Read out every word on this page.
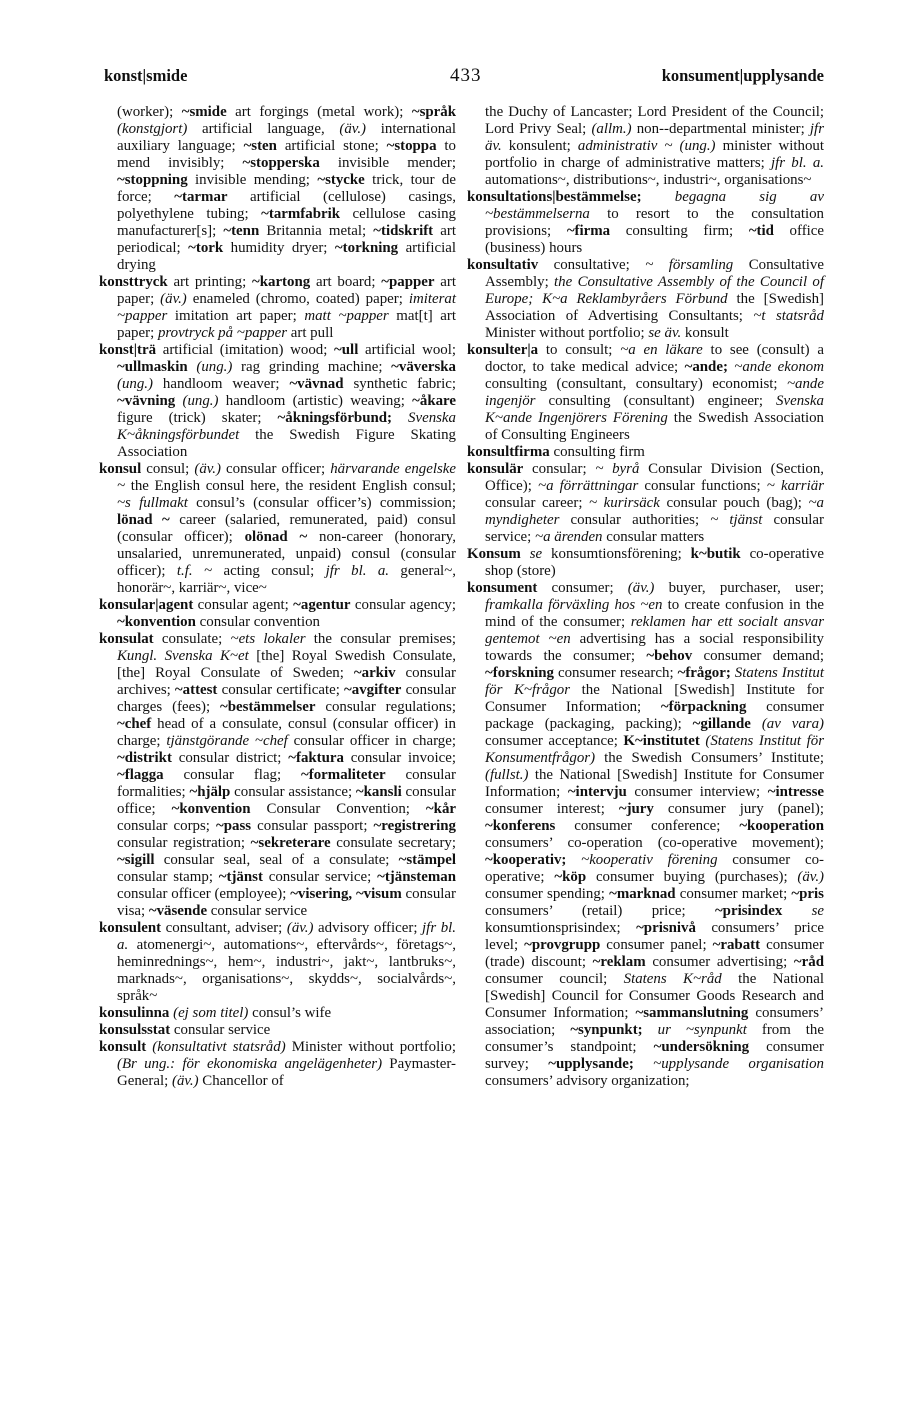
konst|smide	433	konsument|upplysande

(worker); ~smide art forgings (metal work); ~språk (konstgjort) artificial language, (äv.) international auxiliary language; ~sten artificial stone; ~stoppa to mend invisibly; ~stopperska invisible mender; ~stoppning invisible mending; ~stycke trick, tour de force; ~tarmar artificial (cellulose) casings, polyethylene tubing; ~tarmfabrik cellulose casing manufacturer[s]; ~tenn Britannia metal; ~tidskrift art periodical; ~tork humidity dryer; ~torkning artificial drying

konsttryck art printing; ~kartong art board; ~papper art paper; (äv.) enameled (chromo, coated) paper; imiterat ~papper imitation art paper; matt ~papper mat[t] art paper; provtryck på ~papper art pull

konst|trä artificial (imitation) wood; ~ull artificial wool; ~ullmaskin (ung.) rag grinding machine; ~väverska (ung.) handloom weaver; ~vävnad synthetic fabric; ~vävning (ung.) handloom (artistic) weaving; ~åkare figure (trick) skater; ~åkningsförbund; Svenska K~åkningsförbundet the Swedish Figure Skating Association

konsul consul; (äv.) consular officer; härvarande engelske ~ the English consul here, the resident English consul; ~s fullmakt consul’s (consular officer’s) commission; lönad ~ career (salaried, remunerated, paid) consul (consular officer); olönad ~ non-career (honorary, unsalaried, unremunerated, unpaid) consul (consular officer); t.f. ~ acting consul; jfr bl. a. general~, honorär~, karriär~, vice~

konsular|agent consular agent; ~agentur consular agency; ~konvention consular convention

konsulat consulate; ~ets lokaler the consular premises; Kungl. Svenska K~et [the] Royal Swedish Consulate, [the] Royal Consulate of Sweden; ~arkiv consular archives; ~attest consular certificate; ~avgifter consular charges (fees); ~bestämmelser consular regulations; ~chef head of a consulate, consul (consular officer) in charge; tjänstgörande ~chef consular officer in charge; ~distrikt consular district; ~faktura consular invoice; ~flagga consular flag; ~formaliteter consular formalities; ~hjälp consular assistance; ~kansli consular office; ~konvention Consular Convention; ~kår consular corps; ~pass consular passport; ~registrering consular registration; ~sekreterare consulate secretary; ~sigill consular seal, seal of a consulate; ~stämpel consular stamp; ~tjänst consular service; ~tjänsteman consular officer (employee); ~visering, ~visum consular visa; ~väsende consular service

konsulent consultant, adviser; (äv.) advisory officer; jfr bl. a. atomenergi~, automations~, eftervårds~, företags~, heminrednings~, hem~, industri~, jakt~, lantbruks~, marknads~, organisations~, skydds~, socialvårds~, språk~

konsulinna (ej som titel) consul’s wife

konsulsstat consular service

konsult (konsultativt statsråd) Minister without portfolio; (Br ung.: för ekonomiska angelägenheter) Paymaster-General; (äv.) Chancellor of

the Duchy of Lancaster; Lord President of the Council; Lord Privy Seal; (allm.) non--departmental minister; jfr äv. konsulent; administrativ ~ (ung.) minister without portfolio in charge of administrative matters; jfr bl. a. automations~, distributions~, industri~, organisations~

konsultations|bestämmelse; begagna sig av ~bestämmelserna to resort to the consultation provisions; ~firma consulting firm; ~tid office (business) hours

konsultativ consultative; ~ församling Consultative Assembly; the Consultative Assembly of the Council of Europe; K~a Reklambyråers Förbund the [Swedish] Association of Advertising Consultants; ~t statsråd Minister without portfolio; se äv. konsult

konsulter|a to consult; ~a en läkare to see (consult) a doctor, to take medical advice; ~ande; ~ande ekonom consulting (consultant, consultary) economist; ~ande ingenjör consulting (consultant) engineer; Svenska K~ande Ingenjörers Förening the Swedish Association of Consulting Engineers

konsultfirma consulting firm

konsulär consular; ~ byrå Consular Division (Section, Office); ~a förrättningar consular functions; ~ karriär consular career; ~ kurirsäck consular pouch (bag); ~a myndigheter consular authorities; ~ tjänst consular service; ~a ärenden consular matters

Konsum se konsumtionsförening; k~butik co-operative shop (store)

konsument consumer; (äv.) buyer, purchaser, user; framkalla förväxling hos ~en to create confusion in the mind of the consumer; reklamen har ett socialt ansvar gentemot ~en advertising has a social responsibility towards the consumer; ~behov consumer demand; ~forskning consumer research; ~frågor; Statens Institut för K~frågor the National [Swedish] Institute for Consumer Information; ~förpackning consumer package (packaging, packing); ~gillande (av vara) consumer acceptance; K~institutet (Statens Institut för Konsumentfrågor) the Swedish Consumers’ Institute; (fullst.) the National [Swedish] Institute for Consumer Information; ~intervju consumer interview; ~intresse consumer interest; ~jury consumer jury (panel); ~konferens consumer conference; ~kooperation consumers’ co-operation (co-operative movement); ~kooperativ; ~kooperativ förening consumer co-operative; ~köp consumer buying (purchases); (äv.) consumer spending; ~marknad consumer market; ~pris consumers’ (retail) price; ~prisindex se konsumtionsprisindex; ~prisnivå consumers’ price level; ~provgrupp consumer panel; ~rabatt consumer (trade) discount; ~reklam consumer advertising; ~råd consumer council; Statens K~råd the National [Swedish] Council for Consumer Goods Research and Consumer Information; ~sammanslutning consumers’ association; ~synpunkt; ur ~synpunkt from the consumer’s standpoint; ~undersökning consumer survey; ~upplysande; ~upplysande organisation consumers’ advisory organization;
